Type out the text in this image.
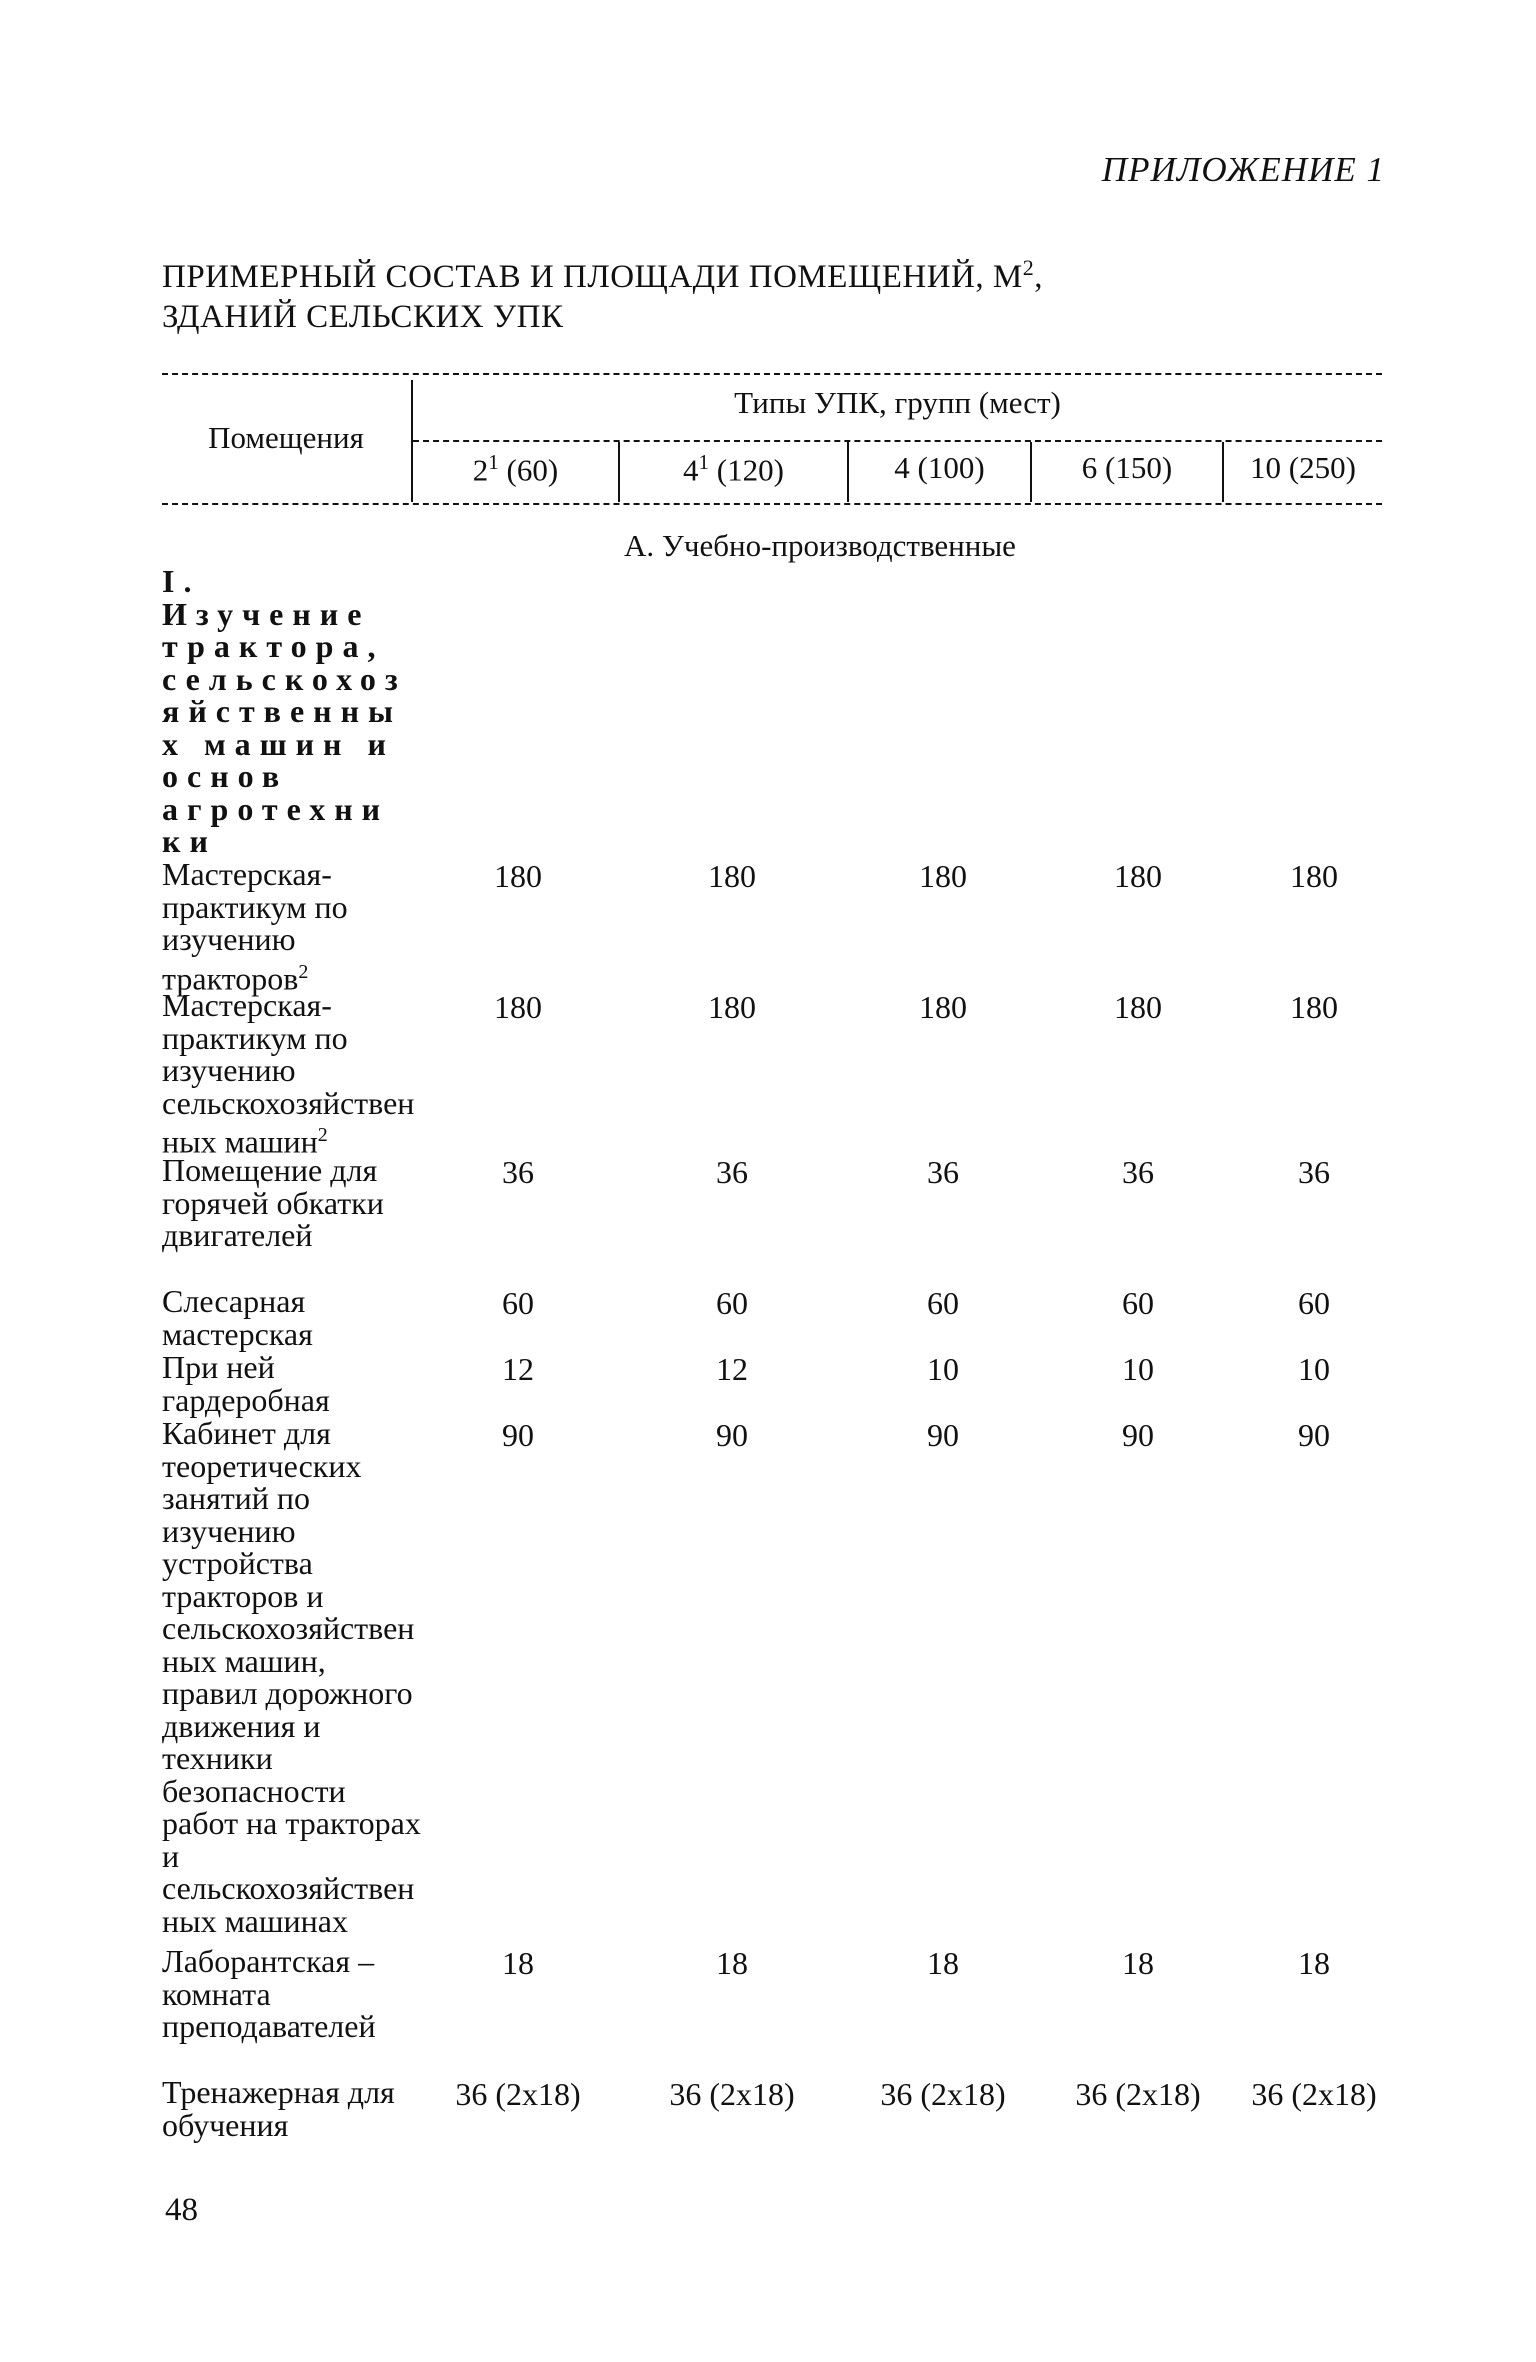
ПРИЛОЖЕНИЕ 1
ПРИМЕРНЫЙ СОСТАВ И ПЛОЩАДИ ПОМЕЩЕНИЙ, $М^2$,
ЗДАНИЙ СЕЛЬСКИХ УПК
Помещения
Типы УПК, групп (мест)
$2^1$ (60)	$4^1$ (120)	4 (100)	6 (150)	10 (250)
А. Учебно-производственные
I. Изучение трактора, сельскохозяйственных машин и основ агротехники
Мастерская-практикум по изучению тракторов$^2$
180	180	180	180	180
Мастерская-практикум по изучению сельскохозяйственных машин$^2$
180	180	180	180	180
Помещение для горячей обкатки двигателей
36	36	36	36	36
Слесарная мастерская
60	60	60	60	60
При ней гардеробная
12	12	10	10	10
Кабинет для теоретических занятий по изучению устройства тракторов и сельскохозяйственных машин, правил дорожного движения и техники безопасности работ на тракторах и сельскохозяйственных машинах
90	90	90	90	90
Лаборантская – комната преподавателей
18	18	18	18	18
Тренажерная для обучения
36 (2x18)	36 (2x18)	36 (2x18)	36 (2x18)	36 (2x18)
48
